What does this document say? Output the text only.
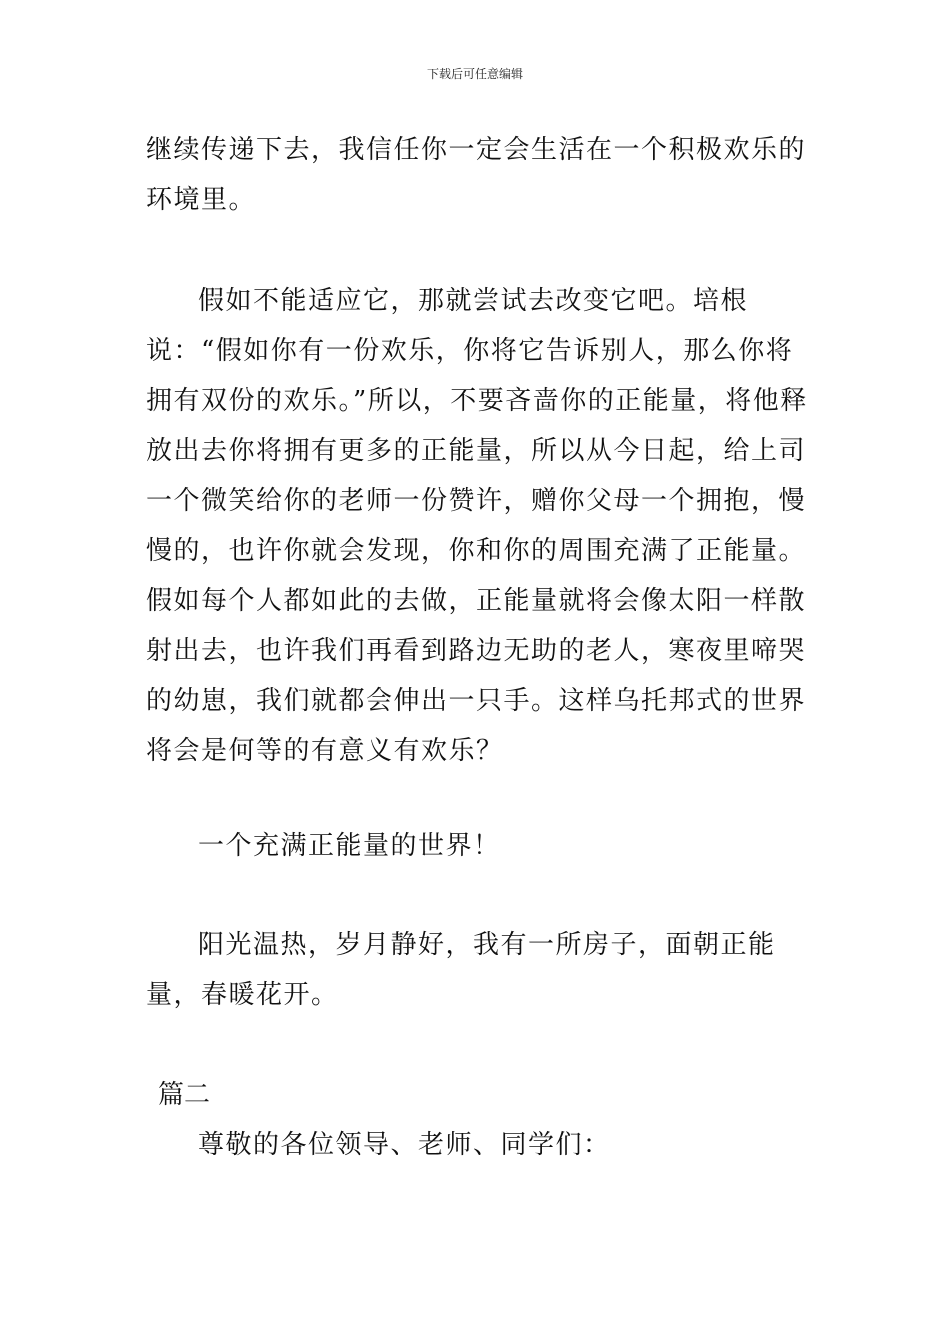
下载后可任意编辑

继续传递下去，我信任你一定会生活在一个积极欢乐的环境里。

假如不能适应它，那就尝试去改变它吧。培根说：“假如你有一份欢乐，你将它告诉别人，那么你将拥有双份的欢乐。”所以，不要吝啬你的正能量，将他释放出去你将拥有更多的正能量，所以从今日起，给上司一个微笑给你的老师一份赞许，赠你父母一个拥抱，慢慢的，也许你就会发现，你和你的周围充满了正能量。假如每个人都如此的去做，正能量就将会像太阳一样散射出去，也许我们再看到路边无助的老人，寒夜里啼哭的幼崽，我们就都会伸出一只手。这样乌托邦式的世界将会是何等的有意义有欢乐？

一个充满正能量的世界！

阳光温热，岁月静好，我有一所房子，面朝正能量，春暖花开。

篇二

尊敬的各位领导、老师、同学们：
